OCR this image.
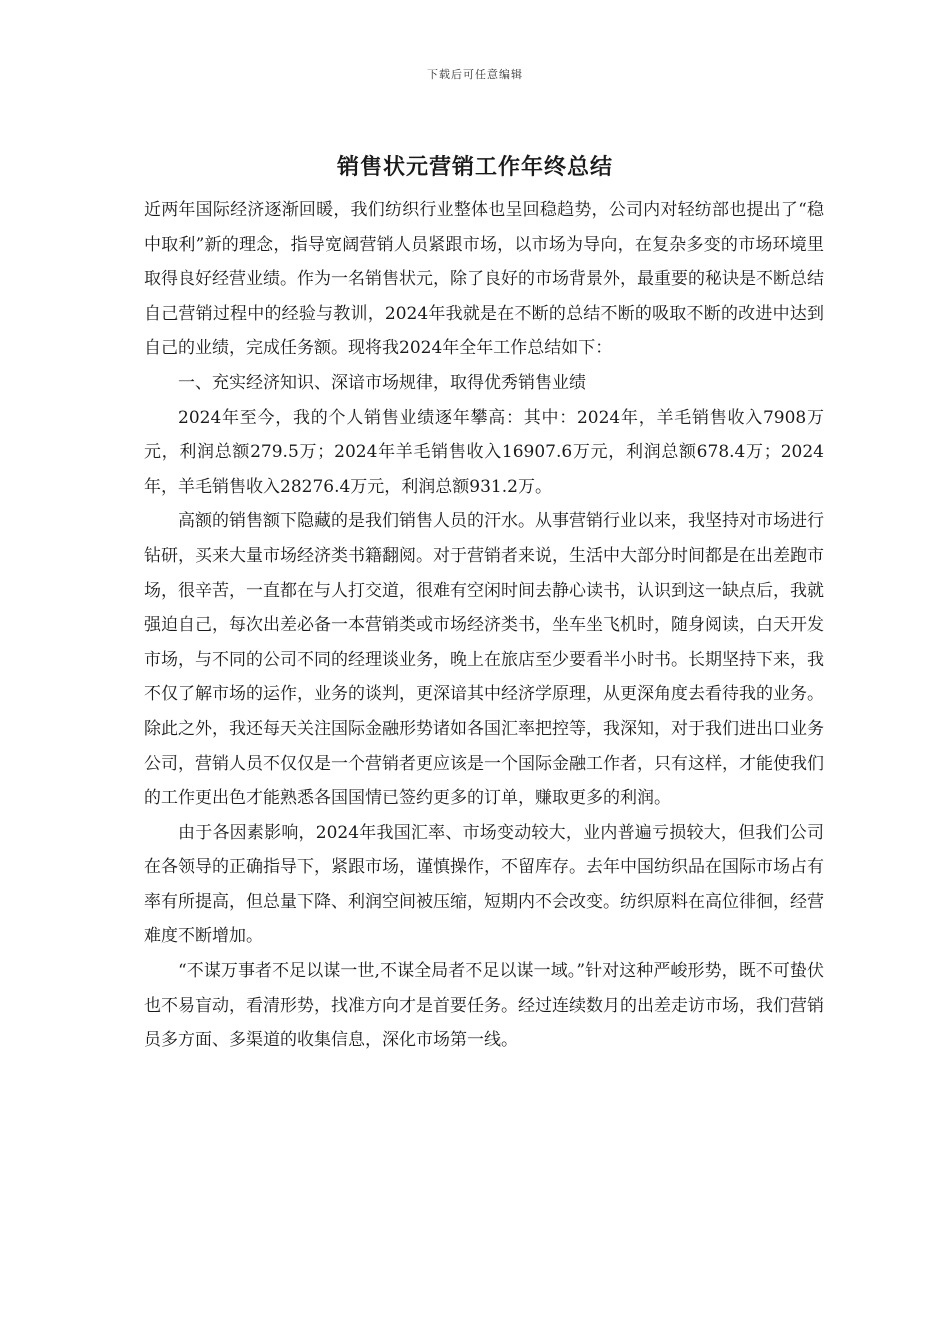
下载后可任意编辑
销售状元营销工作年终总结

近两年国际经济逐渐回暖，我们纺织行业整体也呈回稳趋势，公司内对轻纺部也提出了“稳中取利”新的理念，指导宽阔营销人员紧跟市场，以市场为导向，在复杂多变的市场环境里取得良好经营业绩。作为一名销售状元，除了良好的市场背景外，最重要的秘诀是不断总结自己营销过程中的经验与教训，2024年我就是在不断的总结不断的吸取不断的改进中达到自己的业绩，完成任务额。现将我2024年全年工作总结如下：

一、充实经济知识、深谙市场规律，取得优秀销售业绩

2024年至今，我的个人销售业绩逐年攀高：其中：2024年，羊毛销售收入7908万元，利润总额279.5万；2024年羊毛销售收入16907.6万元，利润总额678.4万；2024年，羊毛销售收入28276.4万元，利润总额931.2万。

高额的销售额下隐藏的是我们销售人员的汗水。从事营销行业以来，我坚持对市场进行钻研，买来大量市场经济类书籍翻阅。对于营销者来说，生活中大部分时间都是在出差跑市场，很辛苦，一直都在与人打交道，很难有空闲时间去静心读书，认识到这一缺点后，我就强迫自己，每次出差必备一本营销类或市场经济类书，坐车坐飞机时，随身阅读，白天开发市场，与不同的公司不同的经理谈业务，晚上在旅店至少要看半小时书。长期坚持下来，我不仅了解市场的运作，业务的谈判，更深谙其中经济学原理，从更深角度去看待我的业务。除此之外，我还每天关注国际金融形势诸如各国汇率把控等，我深知，对于我们进出口业务公司，营销人员不仅仅是一个营销者更应该是一个国际金融工作者，只有这样，才能使我们的工作更出色才能熟悉各国国情已签约更多的订单，赚取更多的利润。

由于各因素影响，2024年我国汇率、市场变动较大，业内普遍亏损较大，但我们公司在各领导的正确指导下，紧跟市场，谨慎操作，不留库存。去年中国纺织品在国际市场占有率有所提高，但总量下降、利润空间被压缩，短期内不会改变。纺织原料在高位徘徊，经营难度不断增加。

“不谋万事者不足以谋一世,不谋全局者不足以谋一域。”针对这种严峻形势，既不可蛰伏也不易盲动，看清形势，找准方向才是首要任务。经过连续数月的出差走访市场，我们营销员多方面、多渠道的收集信息，深化市场第一线。
